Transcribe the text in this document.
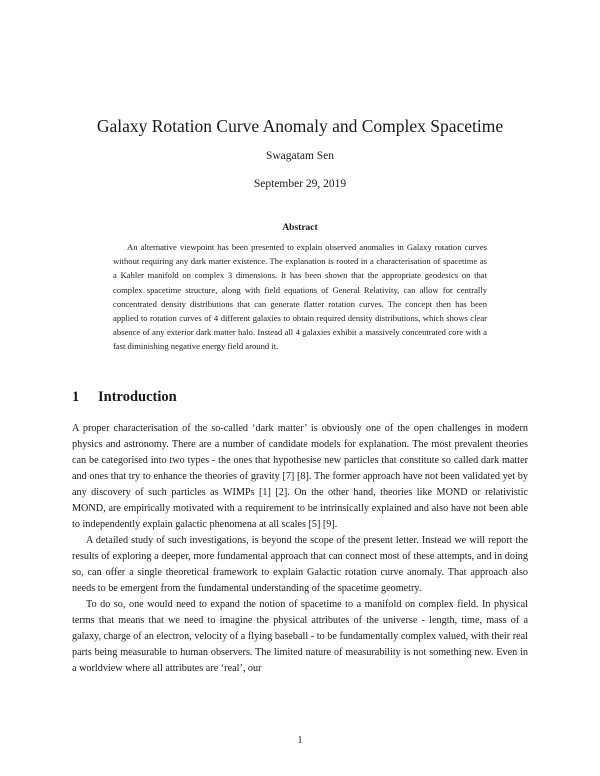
Galaxy Rotation Curve Anomaly and Complex Spacetime
Swagatam Sen
September 29, 2019
Abstract

An alternative viewpoint has been presented to explain observed anomalies in Galaxy rotation curves without requiring any dark matter existence. The explanation is rooted in a characterisation of spacetime as a Kahler manifold on complex 3 dimensions. It has been shown that the appropriate geodesics on that complex spacetime structure, along with field equations of General Relativity, can allow for centrally concentrated density distributions that can generate flatter rotation curves. The concept then has been applied to rotation curves of 4 different galaxies to obtain required density distributions, which shows clear absence of any exterior dark matter halo. Instead all 4 galaxies exhibit a massively concentrated core with a fast diminishing negative energy field around it.

1 Introduction

A proper characterisation of the so-called ‘dark matter’ is obviously one of the open challenges in modern physics and astronomy. There are a number of candidate models for explanation. The most prevalent theories can be categorised into two types - the ones that hypothesise new particles that constitute so called dark matter and ones that try to enhance the theories of gravity [7] [8]. The former approach have not been validated yet by any discovery of such particles as WIMPs [1] [2]. On the other hand, theories like MOND or relativistic MOND, are empirically motivated with a requirement to be intrinsically explained and also have not been able to independently explain galactic phenomena at all scales [5] [9].

A detailed study of such investigations, is beyond the scope of the present letter. Instead we will report the results of exploring a deeper, more fundamental approach that can connect most of these attempts, and in doing so, can offer a single theoretical framework to explain Galactic rotation curve anomaly. That approach also needs to be emergent from the fundamental understanding of the spacetime geometry.

To do so, one would need to expand the notion of spacetime to a manifold on complex field. In physical terms that means that we need to imagine the physical attributes of the universe - length, time, mass of a galaxy, charge of an electron, velocity of a flying baseball - to be fundamentally complex valued, with their real parts being measurable to human observers. The limited nature of measurability is not something new. Even in a worldview where all attributes are ‘real’, our

1
